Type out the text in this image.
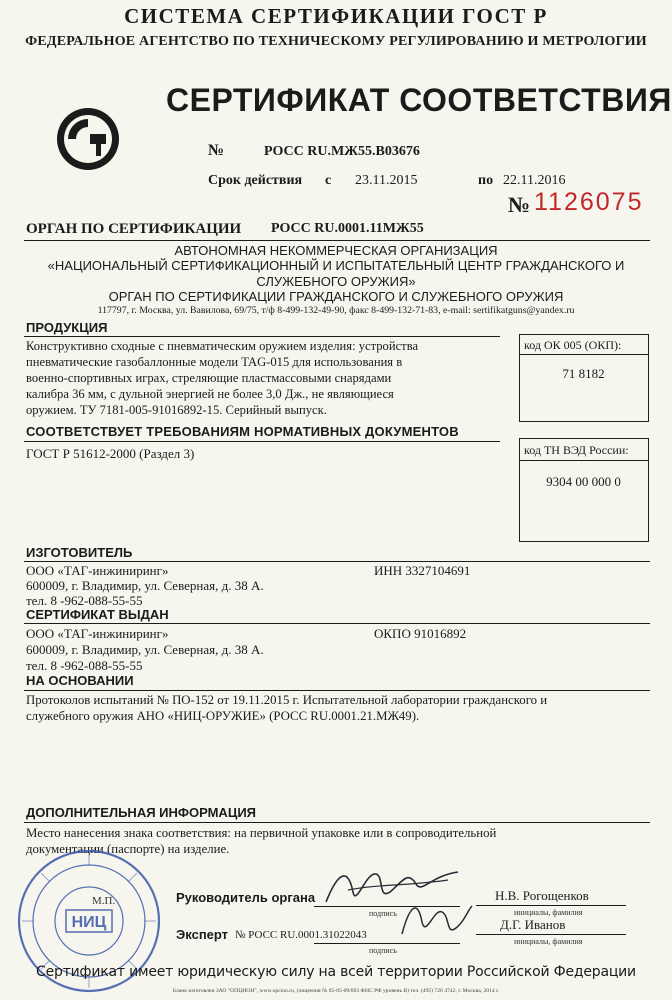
СИСТЕМА СЕРТИФИКАЦИИ ГОСТ Р
ФЕДЕРАЛЬНОЕ АГЕНТСТВО ПО ТЕХНИЧЕСКОМУ РЕГУЛИРОВАНИЮ И МЕТРОЛОГИИ
СЕРТИФИКАТ СООТВЕТСТВИЯ
№	РОСС RU.МЖ55.В03676
Срок действия с 23.11.2015	по 22.11.2016
№ 1126075
ОРГАН ПО СЕРТИФИКАЦИИ РОСС RU.0001.11МЖ55
АВТОНОМНАЯ НЕКОММЕРЧЕСКАЯ ОРГАНИЗАЦИЯ
«НАЦИОНАЛЬНЫЙ СЕРТИФИКАЦИОННЫЙ И ИСПЫТАТЕЛЬНЫЙ ЦЕНТР ГРАЖДАНСКОГО И
СЛУЖЕБНОГО ОРУЖИЯ»
ОРГАН ПО СЕРТИФИКАЦИИ ГРАЖДАНСКОГО И СЛУЖЕБНОГО ОРУЖИЯ
117797, г. Москва, ул. Вавилова, 69/75, т/ф 8-499-132-49-90, факс 8-499-132-71-83, e-mail: sertifikatguns@yandex.ru
ПРОДУКЦИЯ
Конструктивно сходные с пневматическим оружием изделия: устройства
пневматические газобаллонные модели TAG-015 для использования в
военно-спортивных играх, стреляющие пластмассовыми снарядами
калибра 36 мм, с дульной энергией не более 3,0 Дж., не являющиеся
оружием. ТУ 7181-005-91016892-15. Серийный выпуск.
код ОК 005 (ОКП):
71 8182
СООТВЕТСТВУЕТ ТРЕБОВАНИЯМ НОРМАТИВНЫХ ДОКУМЕНТОВ
ГОСТ Р 51612-2000 (Раздел 3)	код ТН ВЭД России:
9304 00 000 0
ИЗГОТОВИТЕЛЬ
ООО «ТАГ-инжиниринг»	ИНН 3327104691
600009, г. Владимир, ул. Северная, д. 38 А.
тел. 8 -962-088-55-55
СЕРТИФИКАТ ВЫДАН
ООО «ТАГ-инжиниринг»	ОКПО 91016892
600009, г. Владимир, ул. Северная, д. 38 А.
тел. 8 -962-088-55-55
НА ОСНОВАНИИ
Протоколов испытаний № ПО-152 от 19.11.2015 г. Испытательной лаборатории гражданского и
служебного оружия АНО «НИЦ-ОРУЖИЕ» (РОСС RU.0001.21.МЖ49).
ДОПОЛНИТЕЛЬНАЯ ИНФОРМАЦИЯ
Место нанесения знака соответствия: на первичной упаковке или в сопроводительной
документации (паспорте) на изделие.
НИЦ
М.П.	Руководитель органа
подпись
Н.В. Рогощенков
инициалы, фамилия
Эксперт № РОСС RU.0001.31022043
подпись
Д.Г. Иванов
инициалы, фамилия
Сертификат имеет юридическую силу на всей территории Российской Федерации
Бланк изготовлен ЗАО "ОПЦИОН", www.opcion.ru, (лицензия № 05-05-09/003 ФНС РФ уровень В) тел. (495) 726 4742, г. Москва, 2014 г.
